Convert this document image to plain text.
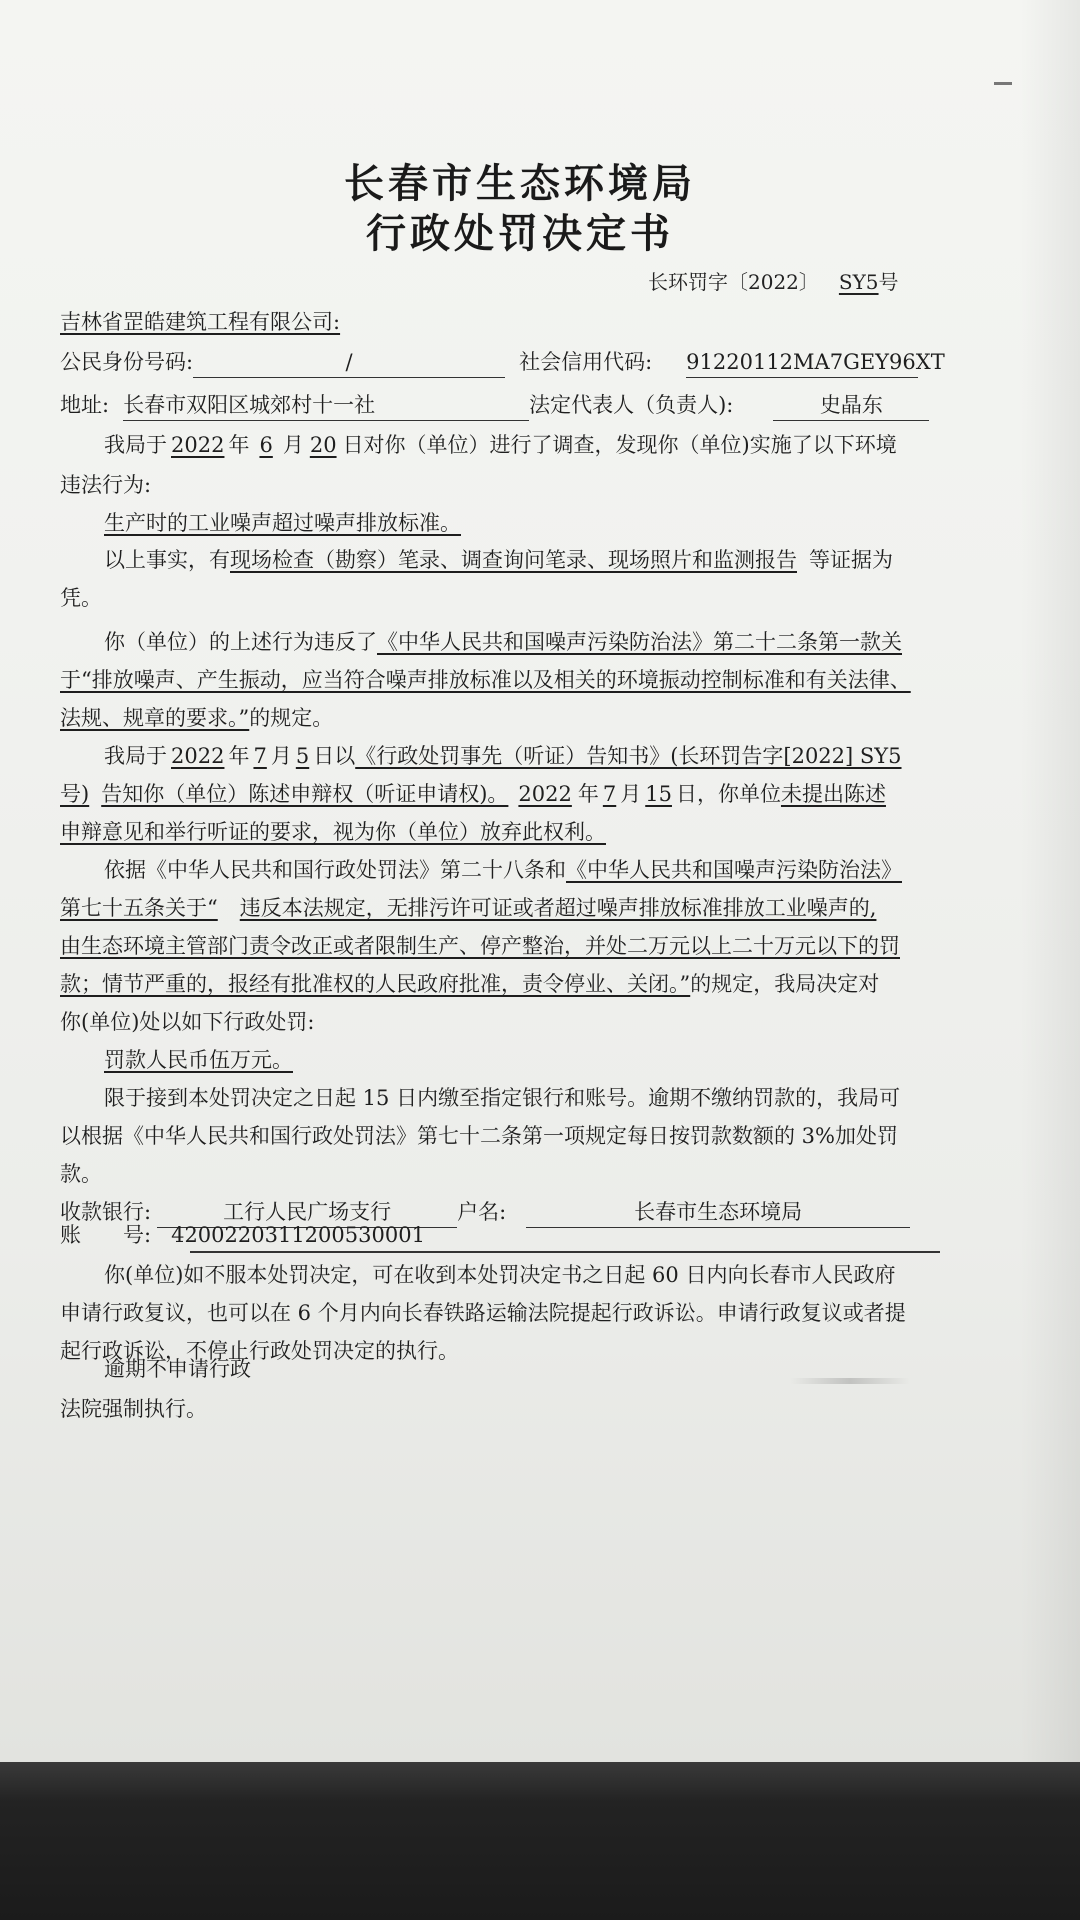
长春市生态环境局
行政处罚决定书
长环罚字〔2022〕 SY5号
吉林省罡皓建筑工程有限公司:
公民身份号码:	/	社会信用代码: 91220112MA7GEY96XT
地址: 长春市双阳区城郊村十一社	法定代表人（负责人):	史晶东
我局于 2022 年 6 月 20 日对你（单位）进行了调查，发现你（单位)实施了以下环境
违法行为:
生产时的工业噪声超过噪声排放标准。
以上事实，有现场检查（勘察）笔录、调查询问笔录、现场照片和监测报告 等证据为
凭。
你（单位）的上述行为违反了《中华人民共和国噪声污染防治法》第二十二条第一款关
于“排放噪声、产生振动，应当符合噪声排放标准以及相关的环境振动控制标准和有关法律、
法规、规章的要求。”的规定。
我局于 2022 年 7 月 5 日以《行政处罚事先（听证）告知书》(长环罚告字[2022] SY5
号) 告知你（单位）陈述申辩权（听证申请权)。 2022 年 7 月 15 日，你单位未提出陈述
申辩意见和举行听证的要求，视为你（单位）放弃此权利。
依据《中华人民共和国行政处罚法》第二十八条和《中华人民共和国噪声污染防治法》
第七十五条关于“ 违反本法规定，无排污许可证或者超过噪声排放标准排放工业噪声的,
由生态环境主管部门责令改正或者限制生产、停产整治，并处二万元以上二十万元以下的罚
款；情节严重的，报经有批准权的人民政府批准，责令停业、关闭。”的规定，我局决定对
你(单位)处以如下行政处罚:
罚款人民币伍万元。
限于接到本处罚决定之日起 15 日内缴至指定银行和账号。逾期不缴纳罚款的，我局可
以根据《中华人民共和国行政处罚法》第七十二条第一项规定每日按罚款数额的 3%加处罚
款。
收款银行:	工行人民广场支行	户名:	长春市生态环境局
账　　号: 4200220311200530001
你(单位)如不服本处罚决定，可在收到本处罚决定书之日起 60 日内向长春市人民政府
申请行政复议，也可以在 6 个月内向长春铁路运输法院提起行政诉讼。申请行政复议或者提
起行政诉讼，不停止行政处罚决定的执行。
逾期不申请行政
法院强制执行。
